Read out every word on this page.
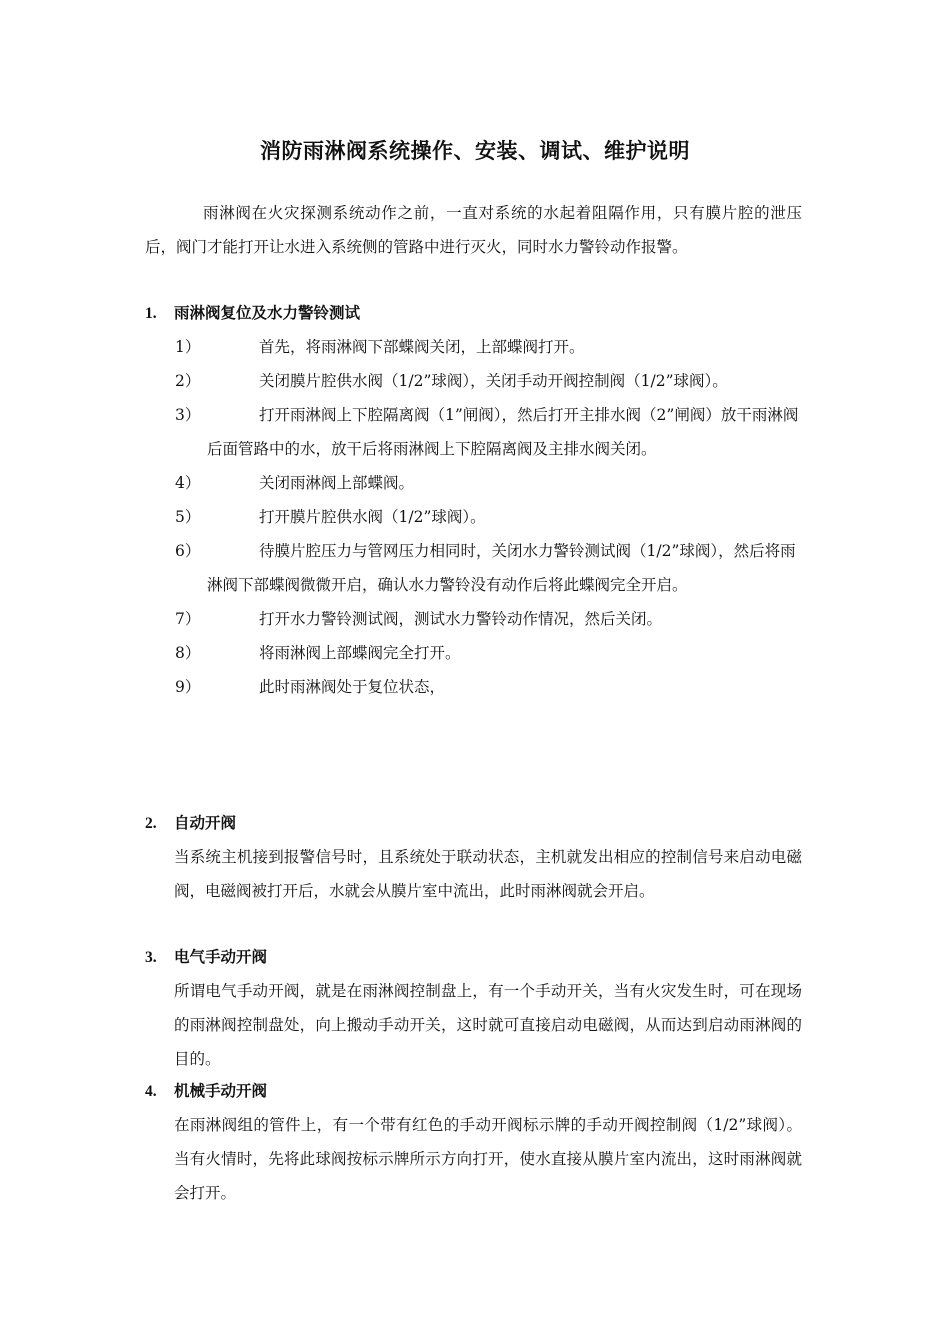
消防雨淋阀系统操作、安装、调试、维护说明
雨淋阀在火灾探测系统动作之前，一直对系统的水起着阻隔作用，只有膜片腔的泄压后，阀门才能打开让水进入系统侧的管路中进行灭火，同时水力警铃动作报警。
1. 雨淋阀复位及水力警铃测试
1）	首先，将雨淋阀下部蝶阀关闭，上部蝶阀打开。
2）	关闭膜片腔供水阀（1/2”球阀），关闭手动开阀控制阀（1/2”球阀）。
3）	打开雨淋阀上下腔隔离阀（1”闸阀），然后打开主排水阀（2”闸阀）放干雨淋阀后面管路中的水，放干后将雨淋阀上下腔隔离阀及主排水阀关闭。
4）	关闭雨淋阀上部蝶阀。
5）	打开膜片腔供水阀（1/2”球阀）。
6）	待膜片腔压力与管网压力相同时，关闭水力警铃测试阀（1/2”球阀），然后将雨淋阀下部蝶阀微微开启，确认水力警铃没有动作后将此蝶阀完全开启。
7）	打开水力警铃测试阀，测试水力警铃动作情况，然后关闭。
8）	将雨淋阀上部蝶阀完全打开。
9）	此时雨淋阀处于复位状态，
2. 自动开阀
当系统主机接到报警信号时，且系统处于联动状态，主机就发出相应的控制信号来启动电磁阀，电磁阀被打开后，水就会从膜片室中流出，此时雨淋阀就会开启。
3. 电气手动开阀
所谓电气手动开阀，就是在雨淋阀控制盘上，有一个手动开关，当有火灾发生时，可在现场的雨淋阀控制盘处，向上搬动手动开关，这时就可直接启动电磁阀，从而达到启动雨淋阀的目的。
4. 机械手动开阀
在雨淋阀组的管件上，有一个带有红色的手动开阀标示牌的手动开阀控制阀（1/2”球阀）。当有火情时，先将此球阀按标示牌所示方向打开，使水直接从膜片室内流出，这时雨淋阀就会打开。
